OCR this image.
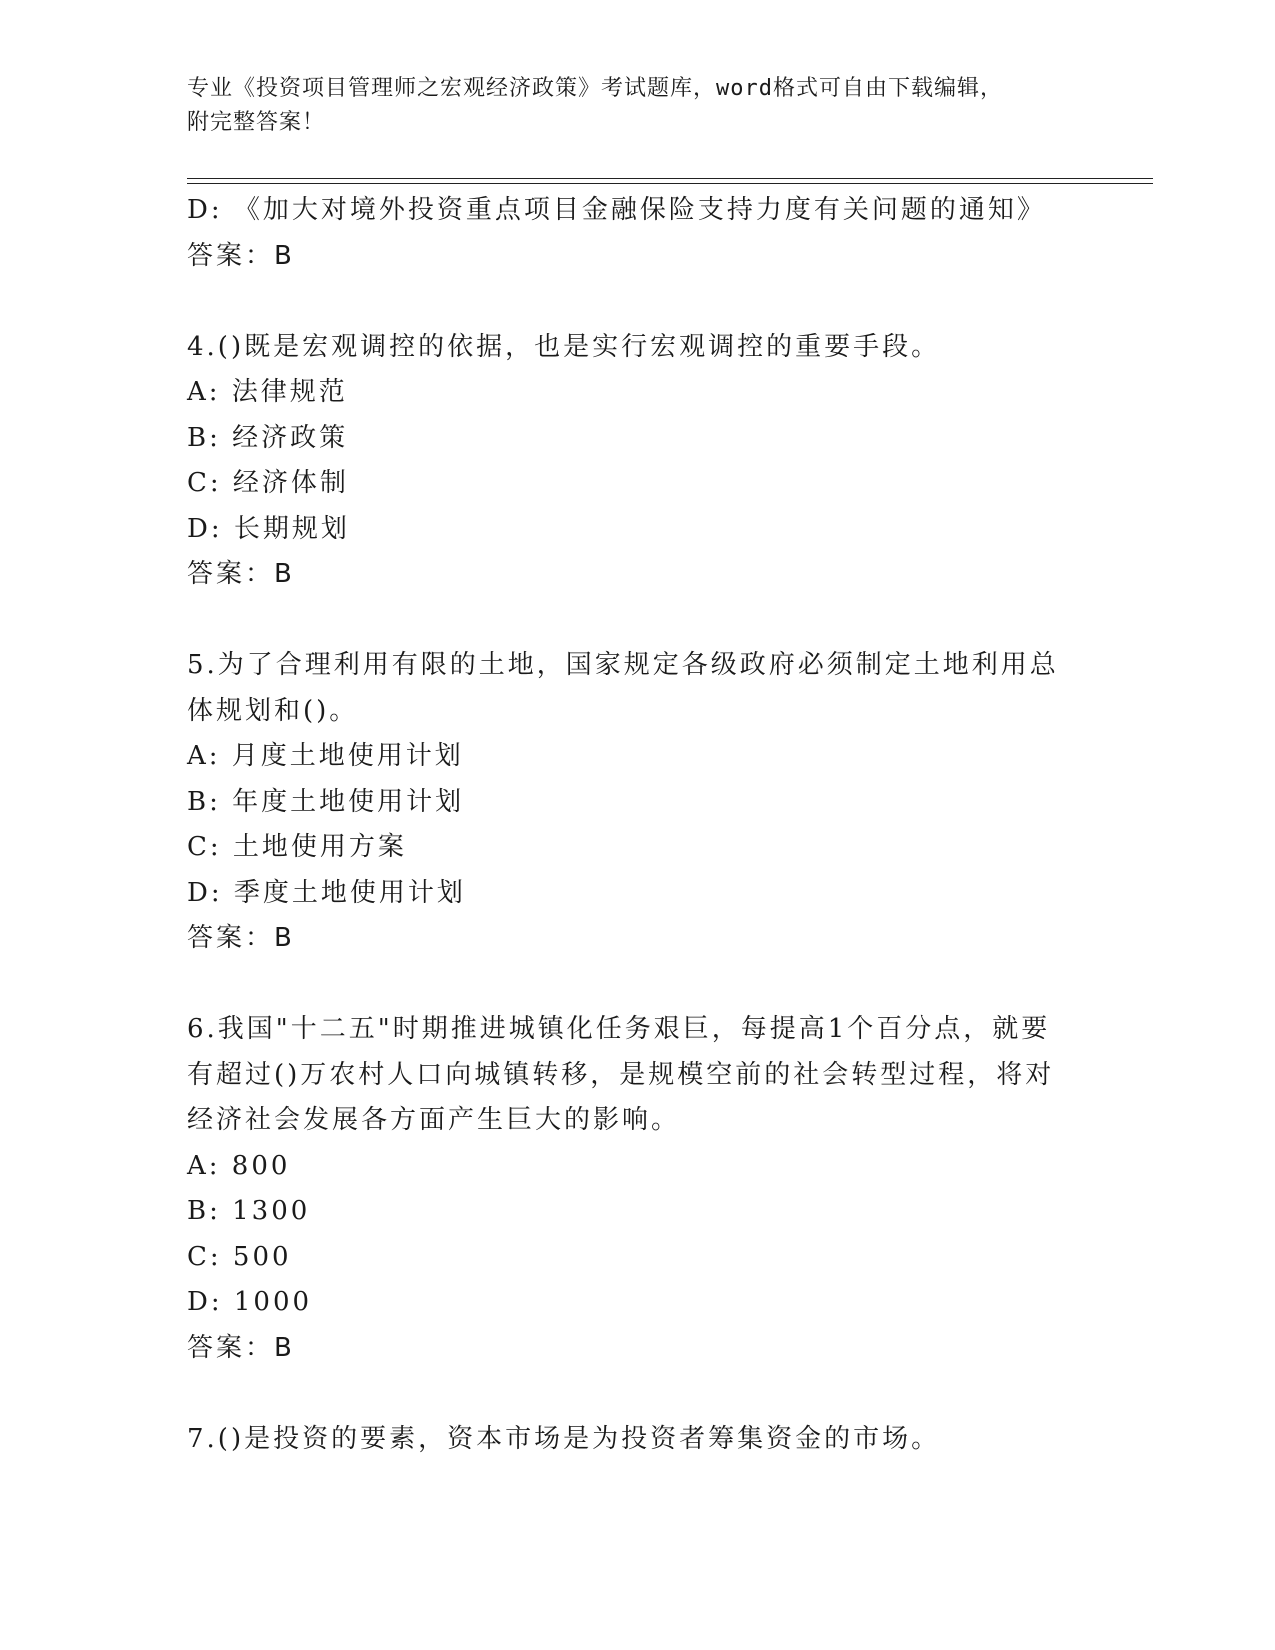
专业《投资项目管理师之宏观经济政策》考试题库，word格式可自由下载编辑，
附完整答案！
D: 《加大对境外投资重点项目金融保险支持力度有关问题的通知》
答案：B
4.()既是宏观调控的依据，也是实行宏观调控的重要手段。
A: 法律规范
B: 经济政策
C: 经济体制
D: 长期规划
答案：B
5.为了合理利用有限的土地，国家规定各级政府必须制定土地利用总
体规划和()。
A: 月度土地使用计划
B: 年度土地使用计划
C: 土地使用方案
D: 季度土地使用计划
答案：B
6.我国"十二五"时期推进城镇化任务艰巨，每提高1个百分点，就要
有超过()万农村人口向城镇转移，是规模空前的社会转型过程，将对
经济社会发展各方面产生巨大的影响。
A: 800
B: 1300
C: 500
D: 1000
答案：B
7.()是投资的要素，资本市场是为投资者筹集资金的市场。
